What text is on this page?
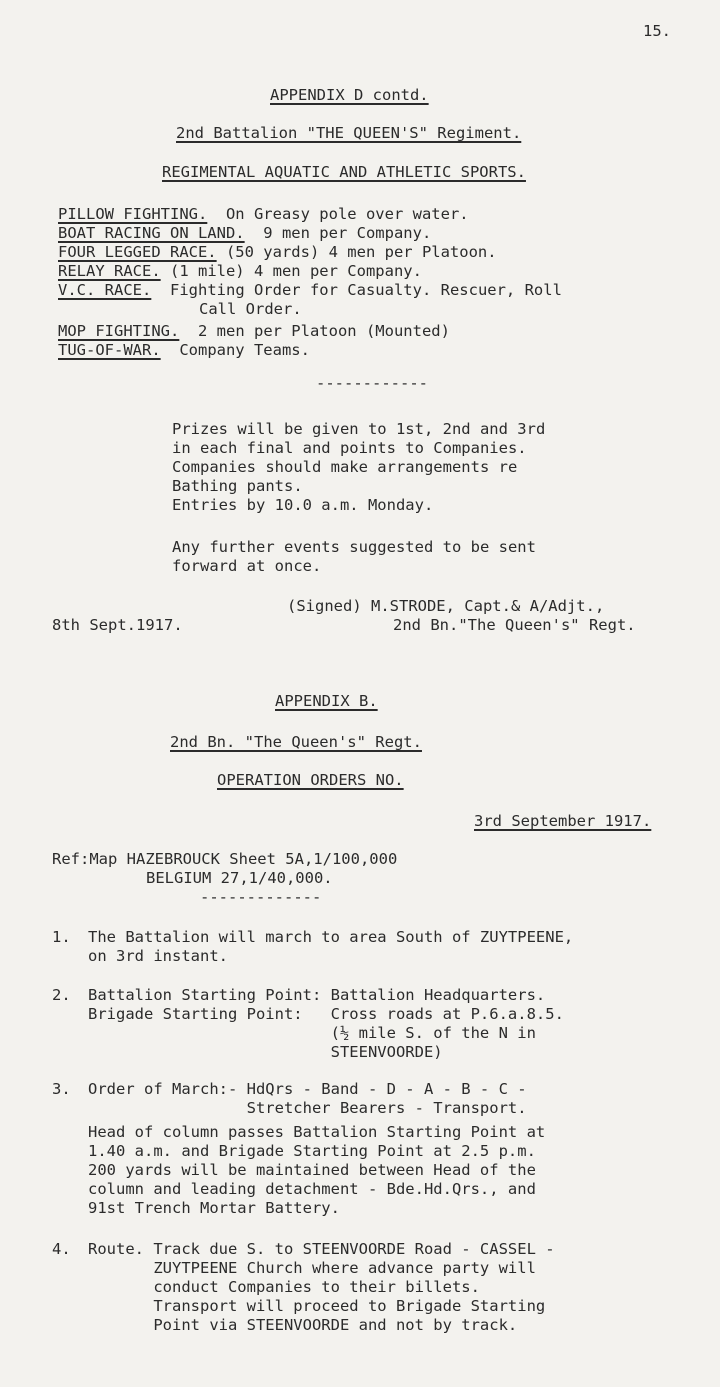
15.
APPENDIX D contd.
2nd Battalion "THE QUEEN'S" Regiment.
REGIMENTAL AQUATIC AND ATHLETIC SPORTS.
PILLOW FIGHTING.  On Greasy pole over water.
BOAT RACING ON LAND.  9 men per Company.
FOUR LEGGED RACE. (50 yards) 4 men per Platoon.
RELAY RACE. (1 mile) 4 men per Company.
V.C. RACE.  Fighting Order for Casualty. Rescuer, Roll
Call Order.
MOP FIGHTING.  2 men per Platoon (Mounted)
TUG-OF-WAR.  Company Teams.
------------
Prizes will be given to 1st, 2nd and 3rd
in each final and points to Companies.
Companies should make arrangements re
Bathing pants.
Entries by 10.0 a.m. Monday.
Any further events suggested to be sent
forward at once.
(Signed) M.STRODE, Capt.& A/Adjt.,
8th Sept.1917.	2nd Bn."The Queen's" Regt.
APPENDIX B.
2nd Bn. "The Queen's" Regt.
OPERATION ORDERS NO.
3rd September 1917.
Ref:Map HAZEBROUCK Sheet 5A,1/100,000
BELGIUM 27,1/40,000.
-------------
1. The Battalion will march to area South of ZUYTPEENE,
on 3rd instant.
2. Battalion Starting Point: Battalion Headquarters.
Brigade Starting Point:   Cross roads at P.6.a.8.5.
(½ mile S. of the N in
STEENVOORDE)
3. Order of March:- HdQrs - Band - D - A - B - C -
Stretcher Bearers - Transport.
Head of column passes Battalion Starting Point at
1.40 a.m. and Brigade Starting Point at 2.5 p.m.
200 yards will be maintained between Head of the
column and leading detachment - Bde.Hd.Qrs., and
91st Trench Mortar Battery.
4. Route. Track due S. to STEENVOORDE Road - CASSEL -
ZUYTPEENE Church where advance party will
conduct Companies to their billets.
Transport will proceed to Brigade Starting
Point via STEENVOORDE and not by track.
